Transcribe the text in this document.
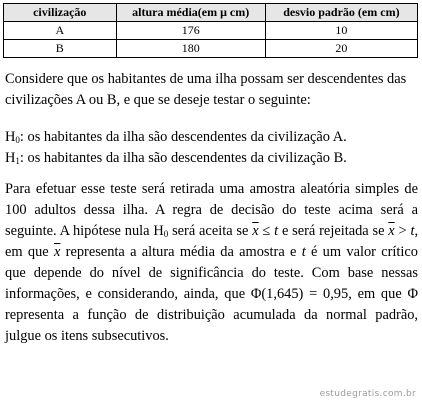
civilização	altura média(em μ cm)	desvio padrão (em cm)
A	176	10
B	180	20
Considere que os habitantes de uma ilha possam ser descendentes das civilizações A ou B, e que se deseje testar o seguinte:
$H_0$: os habitantes da ilha são descendentes da civilização A.
$H_1$: os habitantes da ilha são descendentes da civilização B.
Para efetuar esse teste será retirada uma amostra aleatória simples de 100 adultos dessa ilha. A regra de decisão do teste acima será a seguinte. A hipótese nula $H_0$ será aceita se $\overline{x} \le t$ e será rejeitada se $\overline{x} > t$, em que $\overline{x}$ representa a altura média da amostra e t é um valor crítico que depende do nível de significância do teste. Com base nessas informações, e considerando, ainda, que Φ(1,645) = 0,95, em que Φ representa a função de distribuição acumulada da normal padrão, julgue os itens subsecutivos.
estudegratis.com.br
